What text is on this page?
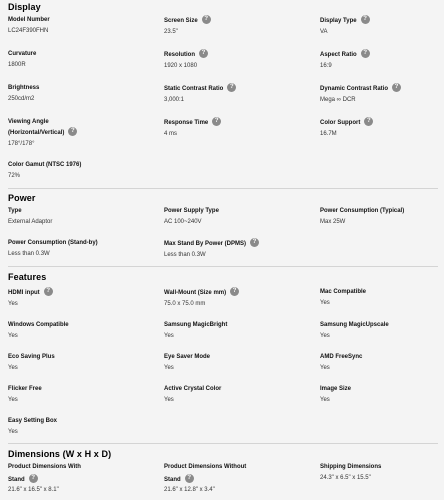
Display
Model Number
LC24F390FHN
Screen Size ?
23.5"
Display Type ?
VA
Curvature
1800R
Resolution ?
1920 x 1080
Aspect Ratio ?
16:9
Brightness
250cd/m2
Static Contrast Ratio ?
3,000:1
Dynamic Contrast Ratio ?
Mega ∞ DCR
Viewing Angle
(Horizontal/Vertical) ?
178°/178°
Response Time ?
4 ms
Color Support ?
16.7M
Color Gamut (NTSC 1976)
72%
Power
Type
External Adaptor
Power Supply Type
AC 100~240V
Power Consumption (Typical)
Max 25W
Power Consumption (Stand-by)
Less than 0.3W
Max Stand By Power (DPMS) ?
Less than 0.3W
Features
HDMI input ?
Yes
Wall-Mount (Size mm) ?
75.0 x 75.0 mm
Mac Compatible
Yes
Windows Compatible
Yes
Samsung MagicBright
Yes
Samsung MagicUpscale
Yes
Eco Saving Plus
Yes
Eye Saver Mode
Yes
AMD FreeSync
Yes
Flicker Free
Yes
Active Crystal Color
Yes
Image Size
Yes
Easy Setting Box
Yes
Dimensions (W x H x D)
Product Dimensions With
Stand ?
21.6" x 16.5" x 8.1"
Product Dimensions Without
Stand ?
21.6" x 12.8" x 3.4"
Shipping Dimensions
24.3" x 6.5" x 15.5"
